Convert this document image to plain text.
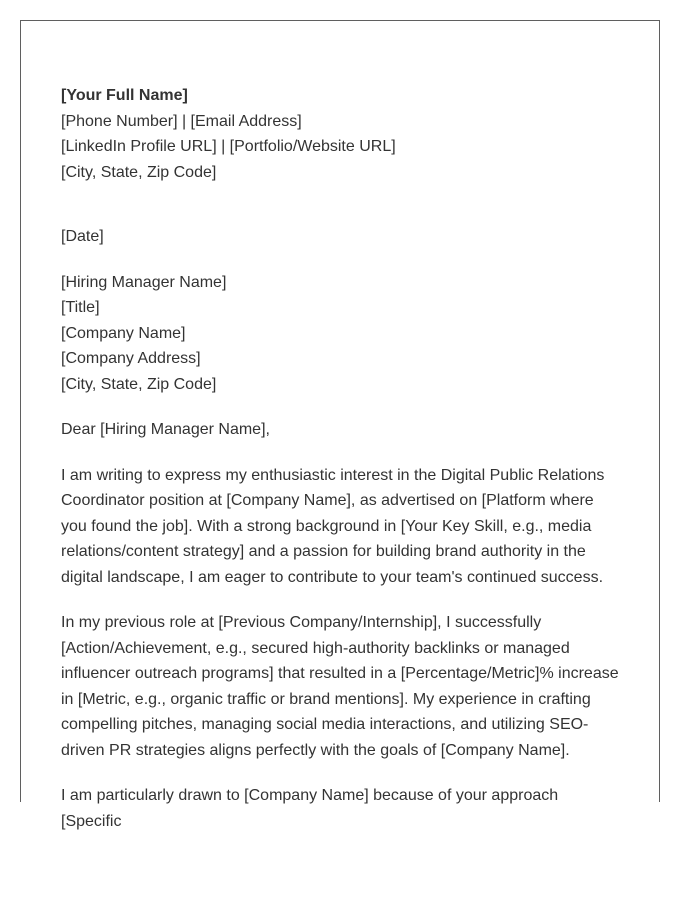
[Your Full Name]
[Phone Number] | [Email Address]
[LinkedIn Profile URL] | [Portfolio/Website URL]
[City, State, Zip Code]
[Date]
[Hiring Manager Name]
[Title]
[Company Name]
[Company Address]
[City, State, Zip Code]
Dear [Hiring Manager Name],

I am writing to express my enthusiastic interest in the Digital Public Relations Coordinator position at [Company Name], as advertised on [Platform where you found the job]. With a strong background in [Your Key Skill, e.g., media relations/content strategy] and a passion for building brand authority in the digital landscape, I am eager to contribute to your team's continued success.

In my previous role at [Previous Company/Internship], I successfully [Action/Achievement, e.g., secured high-authority backlinks or managed influencer outreach programs] that resulted in a [Percentage/Metric]% increase in [Metric, e.g., organic traffic or brand mentions]. My experience in crafting compelling pitches, managing social media interactions, and utilizing SEO-driven PR strategies aligns perfectly with the goals of [Company Name].

I am particularly drawn to [Company Name] because of your approach [Specific
